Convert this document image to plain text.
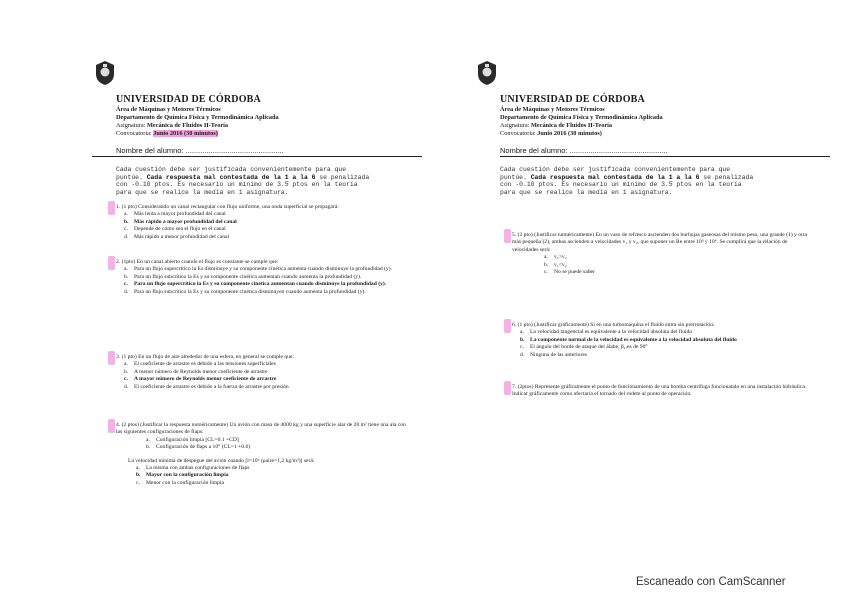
UNIVERSIDAD DE CÓRDOBA
Área de Máquinas y Motores Térmicos
Departamento de Química Física y Termodinámica Aplicada
Asignatura: Mecánica de Fluidos II-Teoría
Convocatoria: Junio 2016 (30 minutos)
Nombre del alumno: ...............................................
Cada cuestión debe ser justificada convenientemente para que
puntúe. Cada respuesta mal contestada de la 1 a la 6 se penalizada
con -0.10 ptos. Es necesario un mínimo de 3.5 ptos en la teoría
para que se realice la media en 1 asignatura.
1. (1 pto) Considerando un canal rectangular con flujo uniforme, una onda superficial se propagará:
a. Más lenta a mayor profundidad del canal
b. Más rápido a mayor profundidad del canal
c. Depende de cómo sea el flujo en el canal
d. Más rápido a menor profundidad del canal
2. (1pto) En un canal abierto cuando el flujo es constante se cumple que:
a. Para un flujo supercrítico la Es disminuye y su componente cinética aumenta cuando disminuye la profundidad (y).
b. Para un flujo subcrítico la Es y su componente cinética aumentan cuando aumenta la profundidad (y).
c. Para un flujo supercrítico la Es y su componente cinética aumentan cuando disminuye la profundidad (y).
d. Para un flujo subcrítico la Es y su componente cinética disminuyen cuando aumenta la profundidad (y).
3. (1 pto) En un flujo de aire alrededor de una esfera, en general se cumple que:
a. El coeficiente de arrastre es debido a las tensiones superficiales
b. A menor número de Reynolds menor coeficiente de arrastre
c. A mayor número de Reynolds menor coeficiente de arrastre
d. El coeficiente de arrastre es debido a la fuerza de arrastre por presión
4. (2 ptos) (Justificar la respuesta numéricamente) Un avión con masa de 4000 kg y una superficie alar de 20 m² tiene una ala con las siguientes configuraciones de flaps:
a. Configuración limpia [CL=0.1 +CD]
b. Configuración de flaps a 10° (CL=1 +0.6)
La velocidad mínima de despegue del avión cuando [l=10⁶ (ρaire=1,2 kg/m³)] será:
a. La misma con ambas configuraciones de flaps
b. Mayor con la configuración limpia
c. Menor con la configuración limpia
UNIVERSIDAD DE CÓRDOBA
Área de Máquinas y Motores Térmicos
Departamento de Química Física y Termodinámica Aplicada
Asignatura: Mecánica de Fluidos II-Teoría
Convocatoria: Junio 2016 (30 minutos)
Nombre del alumno: ...............................................
Cada cuestión debe ser justificada convenientemente para que
puntúe. Cada respuesta mal contestada de la 1 a la 6 se penalizada
con -0.10 ptos. Es necesario un mínimo de 3.5 ptos en la teoría
para que se realice la media en 1 asignatura.
5. (2 pto) (Justificar numéricamente) En un vaso de refresco ascienden dos burbujas gaseosas del mismo peso, una grande (1) y otra más pequeña (2), ambas ascienden a velocidades v₁ y v₂, que suponer un Re entre 10³ y 10⁶. Se cumplirá que la relación de velocidades será:
a. v₁>v₂
b. v₁<v₂
c. No se puede saber
6. (1 pto) (Justificar gráficamente) Si en una turbomáquina el fluido entra sin prerrotación:
a. La velocidad tangencial es equivalente a la velocidad absoluta del fluido
b. La componente normal de la velocidad es equivalente a la velocidad absoluta del fluido
c. El ángulo del borde de ataque del álabe, β₁,es de 90°
d. Ninguna de las anteriores
7. (2ptos) Represente gráficamente el punto de funcionamiento de una bomba centrífuga funcionando en una instalación hidráulica. Indicar gráficamente como afectaría el tornado del rodete al punto de operación.
Escaneado con CamScanner
